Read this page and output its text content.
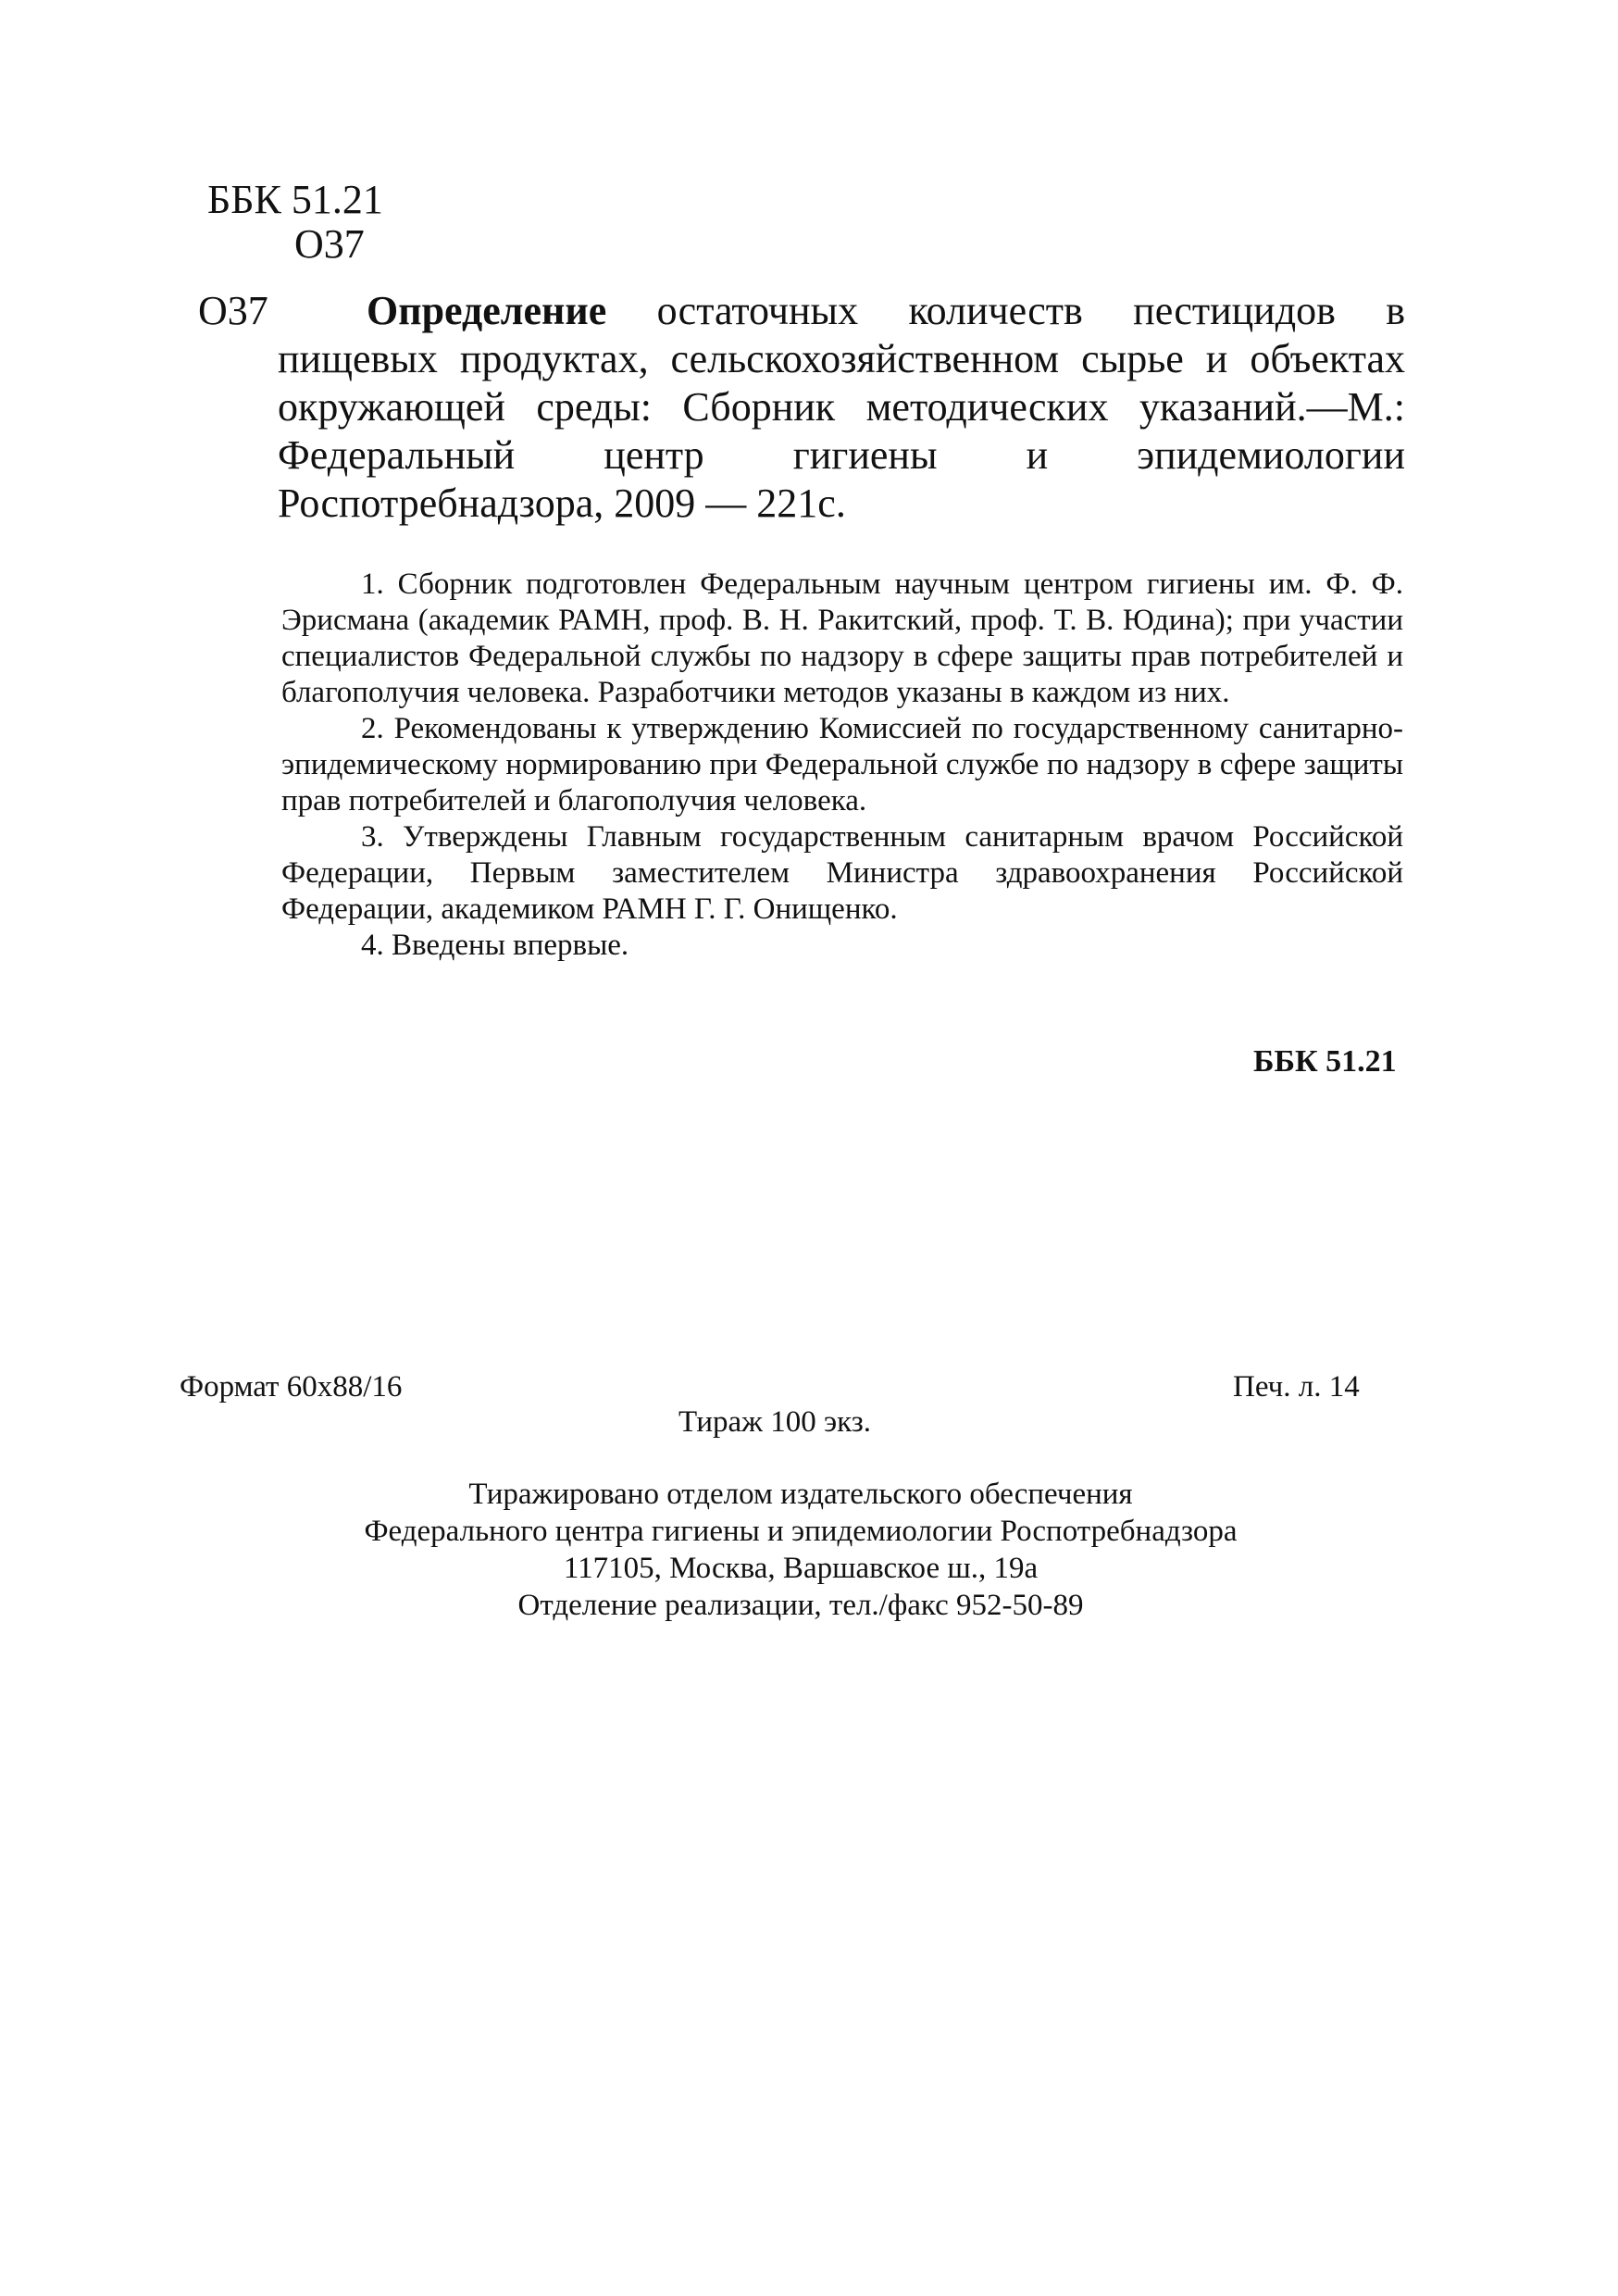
ББК 51.21
О37
О37	Определение остаточных количеств пестицидов в пищевых продуктах, сельскохозяйственном сырье и объектах окружающей среды: Сборник методических указаний.—М.: Федеральный центр гигиены и эпидемиологии Роспотребнадзора, 2009 — 221с.

1. Сборник подготовлен Федеральным научным центром гигиены им. Ф. Ф. Эрисмана (академик РАМН, проф. В. Н. Ракитский, проф. Т. В. Юдина); при участии специалистов Федеральной службы по надзору в сфере защиты прав потребителей и благополучия человека. Разработчики методов указаны в каждом из них.

2. Рекомендованы к утверждению Комиссией по государственному санитарно-эпидемическому нормированию при Федеральной службе по надзору в сфере защиты прав потребителей и благополучия человека.

3. Утверждены Главным государственным санитарным врачом Российской Федерации, Первым заместителем Министра здравоохранения Российской Федерации, академиком РАМН Г. Г. Онищенко.

4. Введены впервые.

ББК 51.21
Формат 60x88/16	Печ. л. 14
Тираж 100 экз.
Тиражировано отделом издательского обеспечения
Федерального центра гигиены и эпидемиологии Роспотребнадзора
117105, Москва, Варшавское ш., 19а
Отделение реализации, тел./факс 952-50-89
